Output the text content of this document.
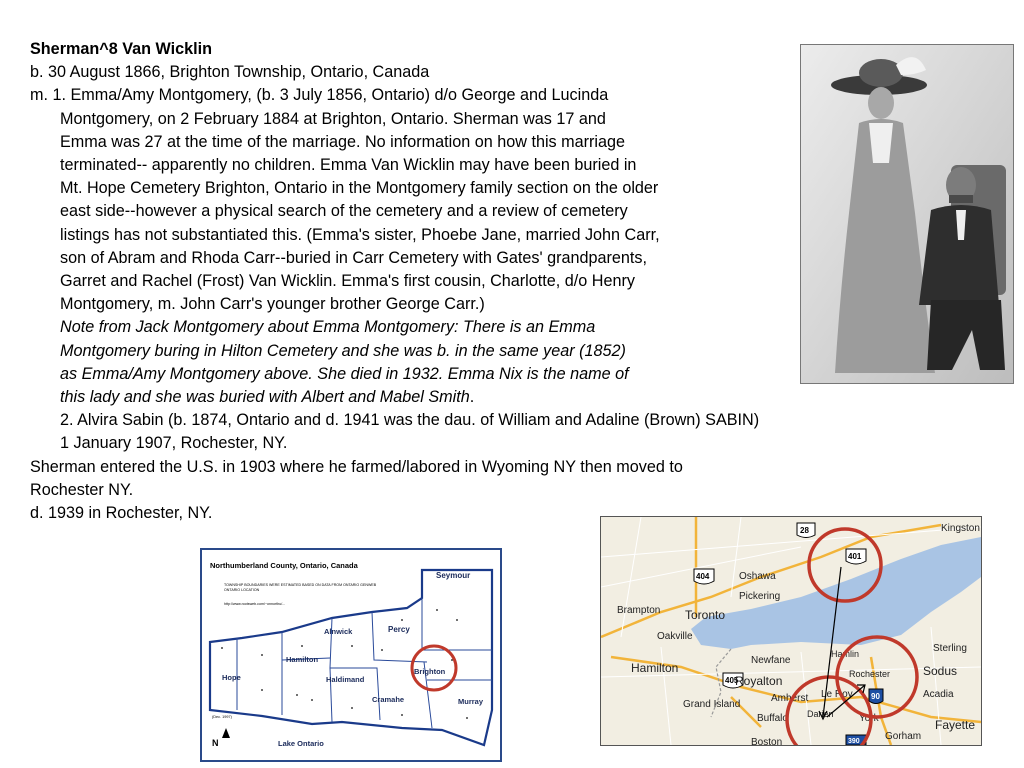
Sherman^8 Van Wicklin

b. 30 August 1866, Brighton Township, Ontario, Canada

m. 1. Emma/Amy Montgomery, (b. 3 July 1856, Ontario) d/o George and Lucinda

Montgomery, on 2 February 1884 at Brighton, Ontario. Sherman was 17 and

Emma was 27 at the time of the marriage. No information on how this marriage

terminated-- apparently no children. Emma Van Wicklin may have been buried in

Mt. Hope Cemetery Brighton, Ontario in the Montgomery family section on the older

east side--however a physical search of the cemetery and a review of cemetery

listings has not substantiated this. (Emma's sister, Phoebe Jane, married John Carr,

son of Abram and Rhoda Carr--buried in Carr Cemetery with Gates' grandparents,

Garret and Rachel (Frost) Van Wicklin. Emma's first cousin, Charlotte, d/o Henry

Montgomery, m. John Carr's younger brother George Carr.)

Note from Jack Montgomery about Emma Montgomery: There is an Emma

Montgomery buring in Hilton Cemetery and she was b. in the same year (1852)

as Emma/Amy Montgomery above. She died in 1932. Emma Nix is the name of

this lady and she was buried with Albert and Mabel Smith.

2. Alvira Sabin (b. 1874, Ontario and d. 1941 was the dau. of William and Adaline (Brown) SABIN)

1 January 1907, Rochester, NY.

Sherman entered the U.S. in 1903 where he farmed/labored in Wyoming NY then moved to

Rochester NY.

d. 1939 in Rochester, NY.

Northumberland County, Ontario, Canada
TOWNSHIP BOUNDARIES WERE ESTIMATED BASED ON DATA FROM ONTARIO GENWEB
ONTARIO LOCATION
http://www.rootsweb.com/~onnorthu/...
Seymour
Alnwick	Percy
Hamilton
Haldimand
Cramahe
Brighton
Murray
Hope
(Dec. 1997)
N	Lake Ontario
401
404
405
90
390
28	Kingston
Oshawa
Pickering
Brampton Toronto
Oakville
Hamilton
Newfane
Royalton
Grand Island
Amherst
Buffalo
Boston
Rochester
Hamlin
Le Roy
Darien
Sterling
Sodus
Acadia
Fayette
Gorham
York
